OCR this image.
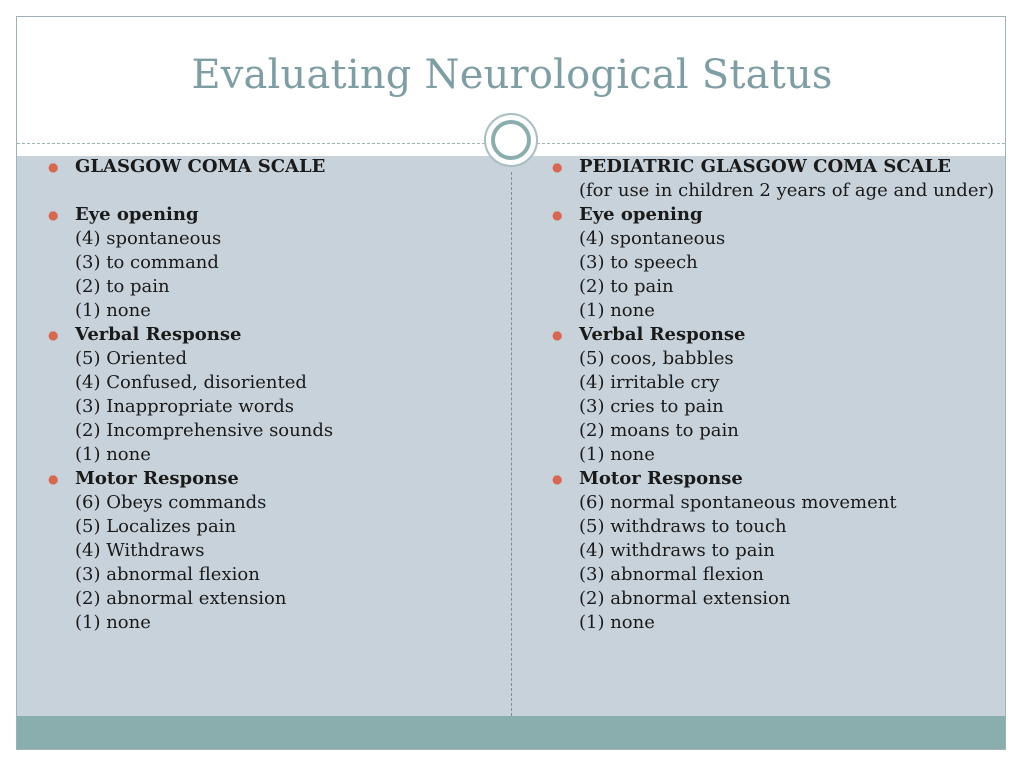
Evaluating Neurological Status
● GLASGOW COMA SCALE
● Eye opening
(4) spontaneous
(3) to command
(2) to pain
(1) none
● Verbal Response
(5) Oriented
(4) Confused, disoriented
(3) Inappropriate words
(2) Incomprehensive sounds
(1) none
● Motor Response
(6) Obeys commands
(5) Localizes pain
(4) Withdraws
(3) abnormal flexion
(2) abnormal extension
(1) none
● PEDIATRIC GLASGOW COMA SCALE
(for use in children 2 years of age and under)
● Eye opening
(4) spontaneous
(3) to speech
(2) to pain
(1) none
● Verbal Response
(5) coos, babbles
(4) irritable cry
(3) cries to pain
(2) moans to pain
(1) none
● Motor Response
(6) normal spontaneous movement
(5) withdraws to touch
(4) withdraws to pain
(3) abnormal flexion
(2) abnormal extension
(1) none
